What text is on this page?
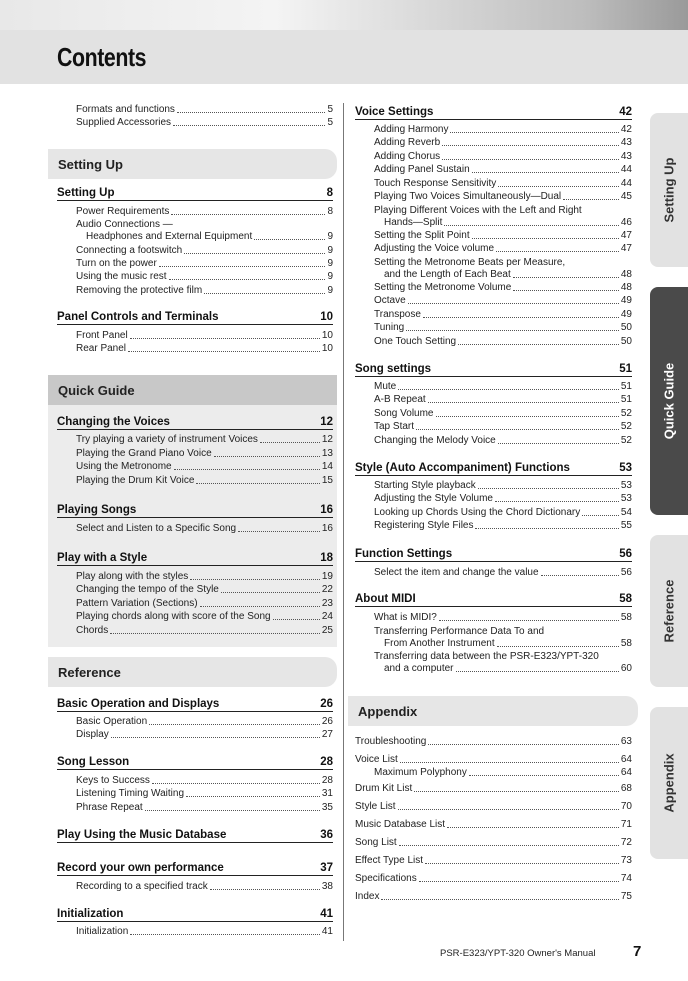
Contents
Formats and functions	5
Supplied Accessories	5
Setting Up
Setting Up	8
Power Requirements	8
Audio Connections —
Headphones and External Equipment	9
Connecting a footswitch	9
Turn on the power	9
Using the music rest	9
Removing the protective film	9
Panel Controls and Terminals	10
Front Panel	10
Rear Panel	10
Quick Guide
Changing the Voices	12
Try playing a variety of instrument Voices	12
Playing the Grand Piano Voice	13
Using the Metronome	14
Playing the Drum Kit Voice	15
Playing Songs	16
Select and Listen to a Specific Song	16
Play with a Style	18
Play along with the styles	19
Changing the tempo of the Style	22
Pattern Variation (Sections)	23
Playing chords along with score of the Song	24
Chords	25
Reference
Basic Operation and Displays	26
Basic Operation	26
Display	27
Song Lesson	28
Keys to Success	28
Listening Timing Waiting	31
Phrase Repeat	35
Play Using the Music Database	36
Record your own performance	37
Recording to a specified track	38
Initialization	41
Initialization	41
Voice Settings	42
Adding Harmony	42
Adding Reverb	43
Adding Chorus	43
Adding Panel Sustain	44
Touch Response Sensitivity	44
Playing Two Voices Simultaneously—Dual	45
Playing Different Voices with the Left and Right
Hands—Split	46
Setting the Split Point	47
Adjusting the Voice volume	47
Setting the Metronome Beats per Measure,
and the Length of Each Beat	48
Setting the Metronome Volume	48
Octave	49
Transpose	49
Tuning	50
One Touch Setting	50
Song settings	51
Mute	51
A-B Repeat	51
Song Volume	52
Tap Start	52
Changing the Melody Voice	52
Style (Auto Accompaniment) Functions	53
Starting Style playback	53
Adjusting the Style Volume	53
Looking up Chords Using the Chord Dictionary	54
Registering Style Files	55
Function Settings	56
Select the item and change the value	56
About MIDI	58
What is MIDI?	58
Transferring Performance Data To and
From Another Instrument	58
Transferring data between the PSR-E323/YPT-320
and a computer	60
Appendix
Troubleshooting	63
Voice List	64
Maximum Polyphony	64
Drum Kit List	68
Style List	70
Music Database List	71
Song List	72
Effect Type List	73
Specifications	74
Index	75
Setting Up
Quick Guide
Reference
Appendix
PSR-E323/YPT-320 Owner's Manual	7
